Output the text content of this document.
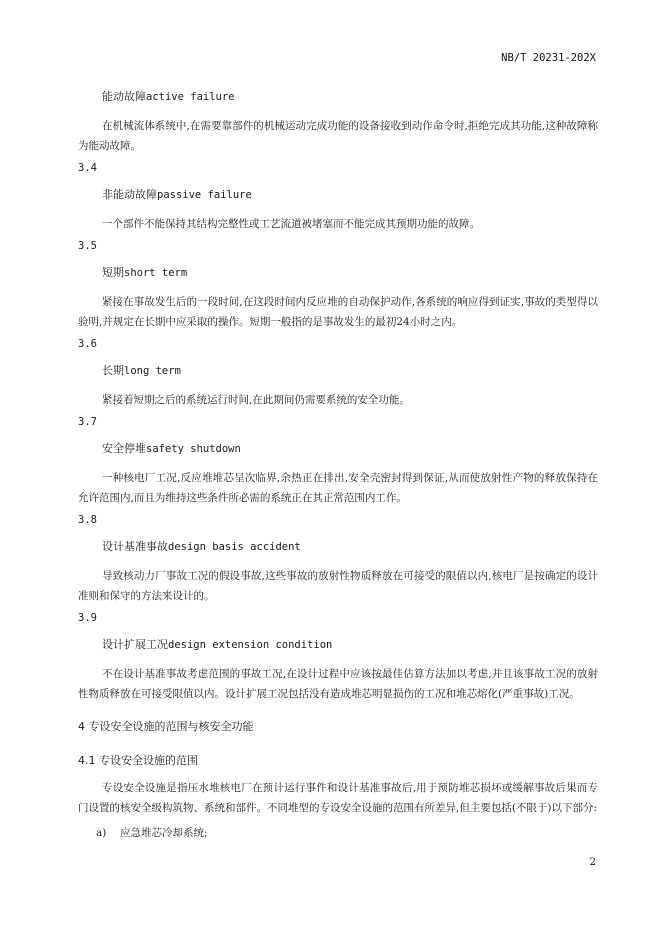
NB/T 20231-202X
能动故障active failure

在机械流体系统中,在需要靠部件的机械运动完成功能的设备接收到动作命令时,拒绝完成其功能,这种故障称为能动故障。

3.4
非能动故障passive failure

一个部件不能保持其结构完整性或工艺流道被堵塞而不能完成其预期功能的故障。

3.5
短期short term

紧接在事故发生后的一段时间,在这段时间内反应堆的自动保护动作,各系统的响应得到证实,事故的类型得以验明,并规定在长期中应采取的操作。短期一般指的是事故发生的最初24小时之内。

3.6
长期long term

紧接着短期之后的系统运行时间,在此期间仍需要系统的安全功能。

3.7
安全停堆safety shutdown

一种核电厂工况,反应堆堆芯呈次临界,余热正在排出,安全壳密封得到保证,从而使放射性产物的释放保持在允许范围内,而且为维持这些条件所必需的系统正在其正常范围内工作。

3.8
设计基准事故design basis accident

导致核动力厂事故工况的假设事故,这些事故的放射性物质释放在可接受的限值以内,核电厂是按确定的设计准则和保守的方法来设计的。

3.9
设计扩展工况design extension condition

不在设计基准事故考虑范围的事故工况,在设计过程中应该按最佳估算方法加以考虑,并且该事故工况的放射性物质释放在可接受限值以内。设计扩展工况包括没有造成堆芯明显损伤的工况和堆芯熔化(严重事故)工况。

4 专设安全设施的范围与核安全功能
4.1 专设安全设施的范围

专设安全设施是指压水堆核电厂在预计运行事件和设计基准事故后,用于预防堆芯损坏或缓解事故后果而专门设置的核安全级构筑物、系统和部件。不同堆型的专设安全设施的范围有所差异,但主要包括(不限于)以下部分:

a) 应急堆芯冷却系统;
2
